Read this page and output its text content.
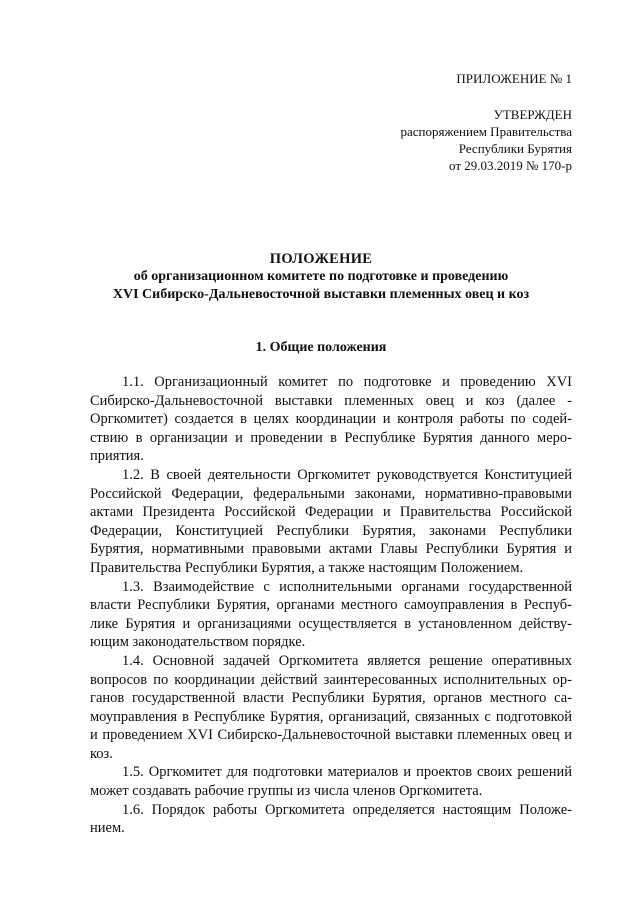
ПРИЛОЖЕНИЕ № 1
УТВЕРЖДЕН
распоряжением Правительства
Республики Бурятия
от 29.03.2019 № 170-р
ПОЛОЖЕНИЕ
об организационном комитете по подготовке и проведению
XVI Сибирско-Дальневосточной выставки племенных овец и коз
1. Общие положения

1.1. Организационный комитет по подготовке и проведению XVI Сибирско-Дальневосточной выставки племенных овец и коз (далее - Оргкомитет) создается в целях координации и контроля работы по содействию в организации и проведении в Республике Бурятия данного мероприятия.

1.2. В своей деятельности Оргкомитет руководствуется Конституцией Российской Федерации, федеральными законами, нормативно-правовыми актами Президента Российской Федерации и Правительства Российской Федерации, Конституцией Республики Бурятия, законами Республики Бурятия, нормативными правовыми актами Главы Республики Бурятия и Правительства Республики Бурятия, а также настоящим Положением.

1.3. Взаимодействие с исполнительными органами государственной власти Республики Бурятия, органами местного самоуправления в Республике Бурятия и организациями осуществляется в установленном действующим законодательством порядке.

1.4. Основной задачей Оргкомитета является решение оперативных вопросов по координации действий заинтересованных исполнительных органов государственной власти Республики Бурятия, органов местного самоуправления в Республике Бурятия, организаций, связанных с подготовкой и проведением XVI Сибирско-Дальневосточной выставки племенных овец и коз.

1.5. Оргкомитет для подготовки материалов и проектов своих решений может создавать рабочие группы из числа членов Оргкомитета.

1.6. Порядок работы Оргкомитета определяется настоящим Положением.
